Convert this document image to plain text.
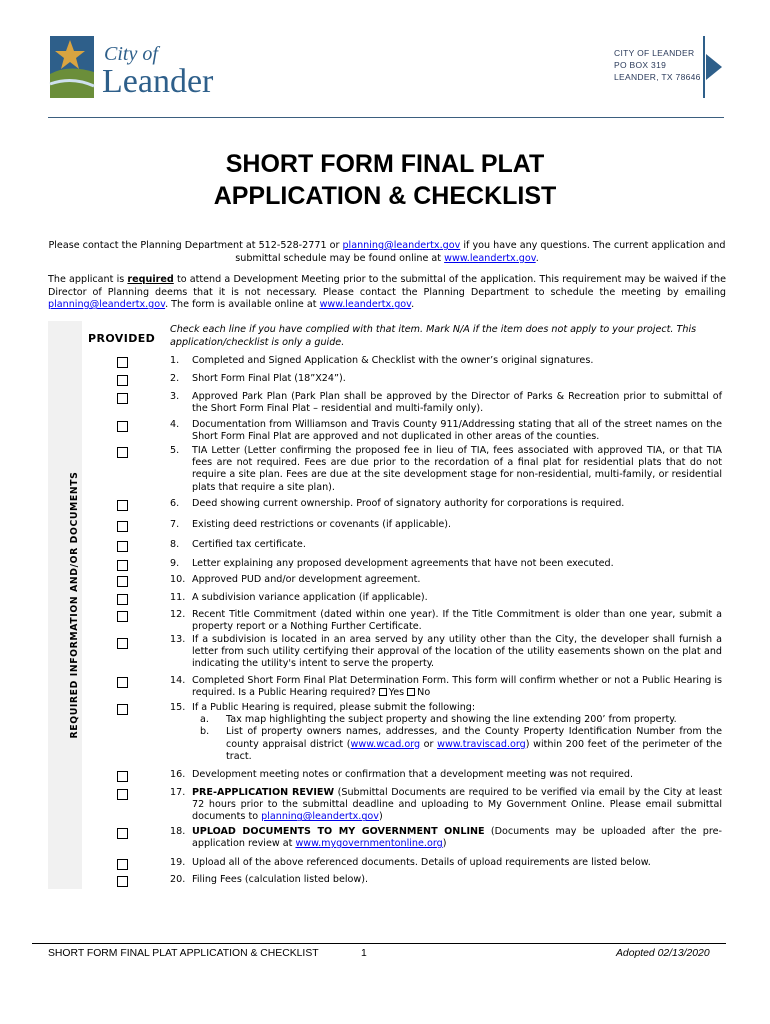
City of
Leander
CITY OF LEANDER
PO BOX 319
LEANDER, TX 78646
SHORT FORM FINAL PLAT
APPLICATION & CHECKLIST
Please contact the Planning Department at 512-528-2771 or planning@leandertx.gov if you have any questions. The current application and submittal schedule may be found online at www.leandertx.gov.
The applicant is required to attend a Development Meeting prior to the submittal of the application. This requirement may be waived if the Director of Planning deems that it is not necessary. Please contact the Planning Department to schedule the meeting by emailing planning@leandertx.gov. The form is available online at www.leandertx.gov.
REQUIRED INFORMATION AND/OR DOCUMENTS
PROVIDED
Check each line if you have complied with that item. Mark N/A if the item does not apply to your project. This application/checklist is only a guide.
1. Completed and Signed Application & Checklist with the owner’s original signatures.
2. Short Form Final Plat (18”X24”).
3. Approved Park Plan (Park Plan shall be approved by the Director of Parks & Recreation prior to submittal of the Short Form Final Plat – residential and multi-family only).
4. Documentation from Williamson and Travis County 911/Addressing stating that all of the street names on the Short Form Final Plat are approved and not duplicated in other areas of the counties.
5. TIA Letter (Letter confirming the proposed fee in lieu of TIA, fees associated with approved TIA, or that TIA fees are not required. Fees are due prior to the recordation of a final plat for residential plats that do not require a site plan. Fees are due at the site development stage for non-residential, multi-family, or residential plats that require a site plan).
6. Deed showing current ownership. Proof of signatory authority for corporations is required.
7. Existing deed restrictions or covenants (if applicable).
8. Certified tax certificate.
9. Letter explaining any proposed development agreements that have not been executed.
10. Approved PUD and/or development agreement.
11. A subdivision variance application (if applicable).
12. Recent Title Commitment (dated within one year). If the Title Commitment is older than one year, submit a property report or a Nothing Further Certificate.
13. If a subdivision is located in an area served by any utility other than the City, the developer shall furnish a letter from such utility certifying their approval of the location of the utility easements shown on the plat and indicating the utility's intent to serve the property.
14. Completed Short Form Final Plat Determination Form. This form will confirm whether or not a Public Hearing is required. Is a Public Hearing required? Yes No
15. If a Public Hearing is required, please submit the following:
a. Tax map highlighting the subject property and showing the line extending 200’ from property.
b. List of property owners names, addresses, and the County Property Identification Number from the county appraisal district (www.wcad.org or www.traviscad.org) within 200 feet of the perimeter of the tract.
16. Development meeting notes or confirmation that a development meeting was not required.
17. PRE-APPLICATION REVIEW (Submittal Documents are required to be verified via email by the City at least 72 hours prior to the submittal deadline and uploading to My Government Online. Please email submittal documents to planning@leandertx.gov)
18. UPLOAD DOCUMENTS TO MY GOVERNMENT ONLINE (Documents may be uploaded after the pre-application review at www.mygovernmentonline.org)
19. Upload all of the above referenced documents. Details of upload requirements are listed below.
20. Filing Fees (calculation listed below).
SHORT FORM FINAL PLAT APPLICATION & CHECKLIST	1	Adopted 02/13/2020
